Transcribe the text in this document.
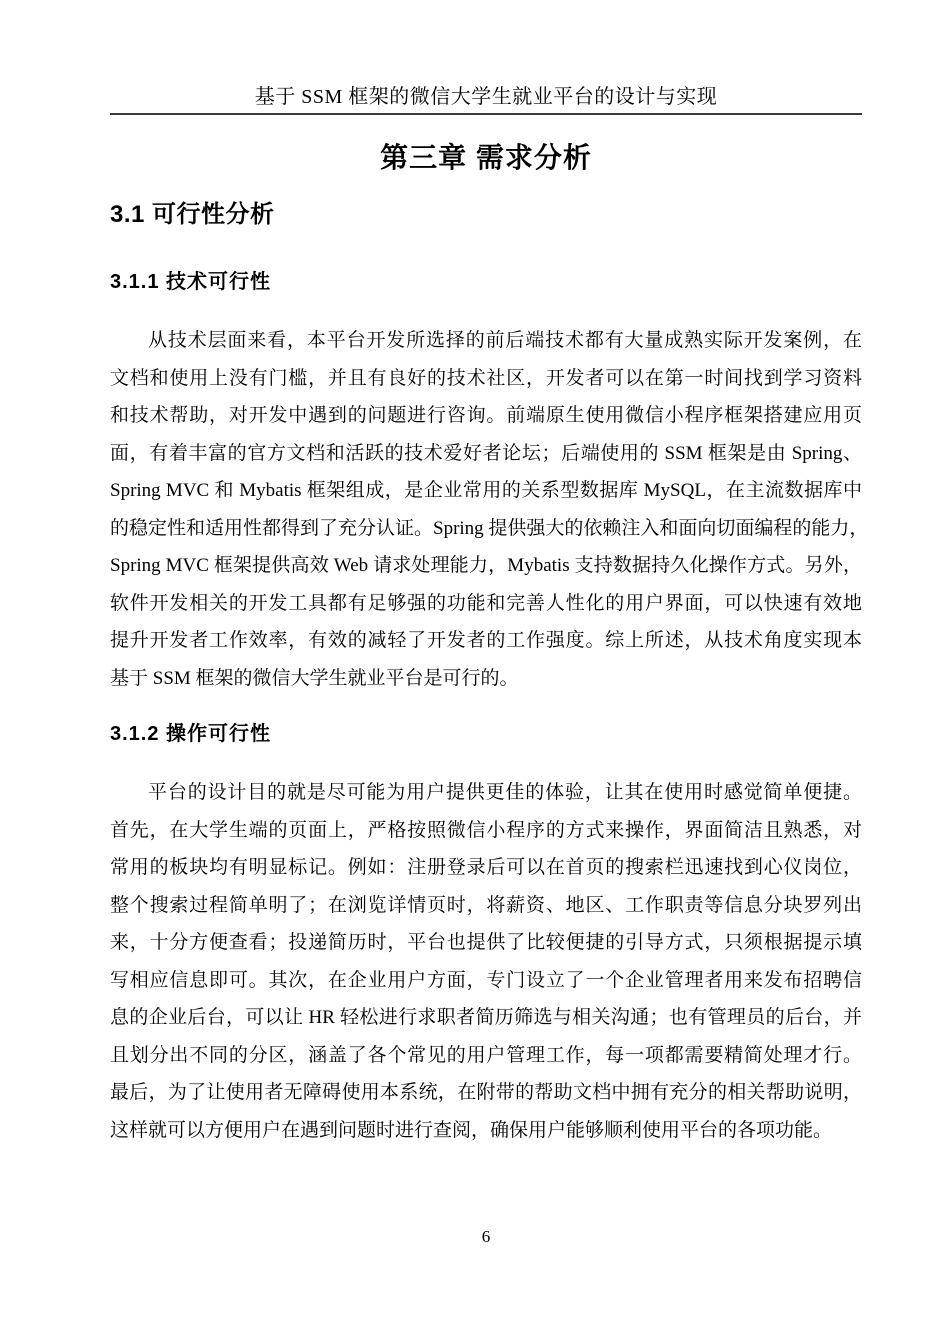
基于 SSM 框架的微信大学生就业平台的设计与实现
第三章 需求分析
3.1 可行性分析
3.1.1 技术可行性
从技术层面来看，本平台开发所选择的前后端技术都有大量成熟实际开发案例，在
文档和使用上没有门槛，并且有良好的技术社区，开发者可以在第一时间找到学习资料
和技术帮助，对开发中遇到的问题进行咨询。前端原生使用微信小程序框架搭建应用页
面，有着丰富的官方文档和活跃的技术爱好者论坛；后端使用的 SSM 框架是由 Spring、
Spring MVC 和 Mybatis 框架组成，是企业常用的关系型数据库 MySQL，在主流数据库中
的稳定性和适用性都得到了充分认证。Spring 提供强大的依赖注入和面向切面编程的能力，
Spring MVC 框架提供高效 Web 请求处理能力，Mybatis 支持数据持久化操作方式。另外，
软件开发相关的开发工具都有足够强的功能和完善人性化的用户界面，可以快速有效地
提升开发者工作效率，有效的减轻了开发者的工作强度。综上所述，从技术角度实现本
基于 SSM 框架的微信大学生就业平台是可行的。
3.1.2 操作可行性
平台的设计目的就是尽可能为用户提供更佳的体验，让其在使用时感觉简单便捷。
首先，在大学生端的页面上，严格按照微信小程序的方式来操作，界面简洁且熟悉，对
常用的板块均有明显标记。例如：注册登录后可以在首页的搜索栏迅速找到心仪岗位，
整个搜索过程简单明了；在浏览详情页时，将薪资、地区、工作职责等信息分块罗列出
来，十分方便查看；投递简历时，平台也提供了比较便捷的引导方式，只须根据提示填
写相应信息即可。其次，在企业用户方面，专门设立了一个企业管理者用来发布招聘信
息的企业后台，可以让 HR 轻松进行求职者简历筛选与相关沟通；也有管理员的后台，并
且划分出不同的分区，涵盖了各个常见的用户管理工作，每一项都需要精简处理才行。
最后，为了让使用者无障碍使用本系统，在附带的帮助文档中拥有充分的相关帮助说明，
这样就可以方便用户在遇到问题时进行查阅，确保用户能够顺利使用平台的各项功能。
6
